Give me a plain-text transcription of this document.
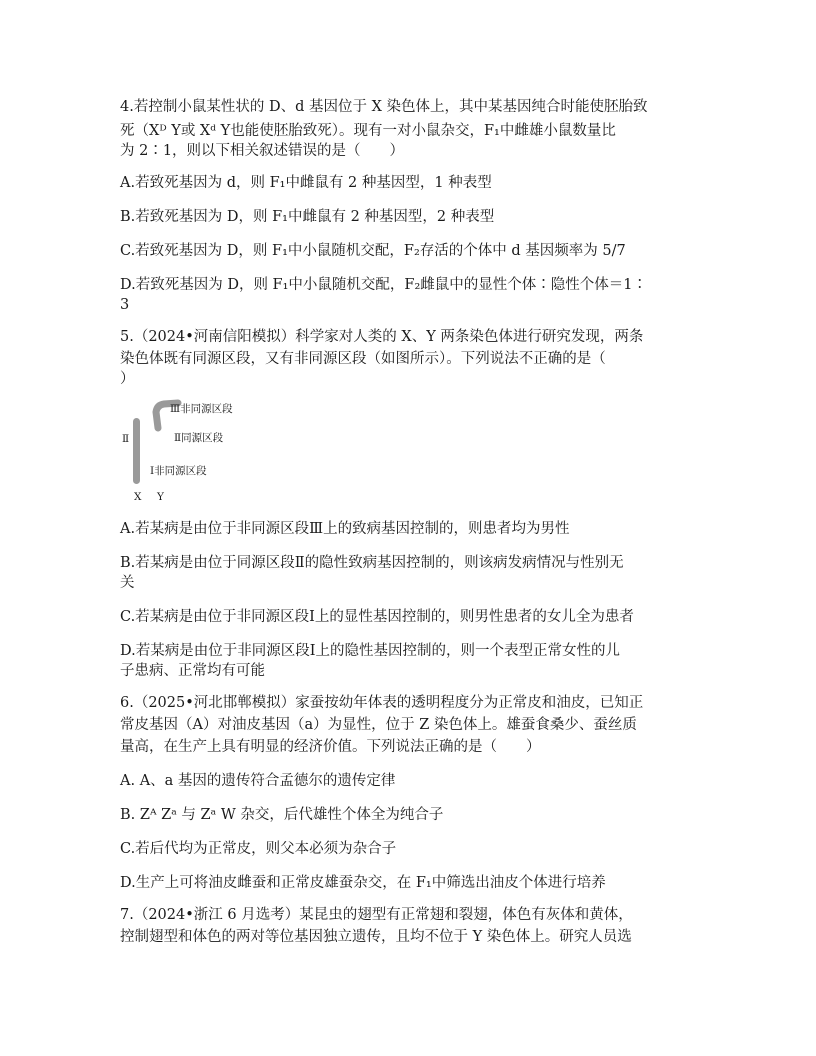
4.若控制小鼠某性状的 D、d 基因位于 X 染色体上，其中某基因纯合时能使胚胎致
死（Xᴰ Y或 Xᵈ Y也能使胚胎致死）。现有一对小鼠杂交，F₁中雌雄小鼠数量比
为 2∶1，则以下相关叙述错误的是（　　）
A.若致死基因为 d，则 F₁中雌鼠有 2 种基因型，1 种表型
B.若致死基因为 D，则 F₁中雌鼠有 2 种基因型，2 种表型
C.若致死基因为 D，则 F₁中小鼠随机交配，F₂存活的个体中 d 基因频率为 5/7
D.若致死基因为 D，则 F₁中小鼠随机交配，F₂雌鼠中的显性个体∶隐性个体＝1∶
3
5.（2024•河南信阳模拟）科学家对人类的 X、Y 两条染色体进行研究发现，两条
染色体既有同源区段，又有非同源区段（如图所示）。下列说法不正确的是（
）
Ⅲ非同源区段
Ⅱ	Ⅱ同源区段
Ⅰ非同源区段
X Y
A.若某病是由位于非同源区段Ⅲ上的致病基因控制的，则患者均为男性
B.若某病是由位于同源区段Ⅱ的隐性致病基因控制的，则该病发病情况与性别无
关
C.若某病是由位于非同源区段Ⅰ上的显性基因控制的，则男性患者的女儿全为患者
D.若某病是由位于非同源区段Ⅰ上的隐性基因控制的，则一个表型正常女性的儿
子患病、正常均有可能
6.（2025•河北邯郸模拟）家蚕按幼年体表的透明程度分为正常皮和油皮，已知正
常皮基因（A）对油皮基因（a）为显性，位于 Z 染色体上。雄蚕食桑少、蚕丝质
量高，在生产上具有明显的经济价值。下列说法正确的是（　　）
A. A、a 基因的遗传符合孟德尔的遗传定律
B. Zᴬ Zᵃ 与 Zᵃ W 杂交，后代雄性个体全为纯合子
C.若后代均为正常皮，则父本必须为杂合子
D.生产上可将油皮雌蚕和正常皮雄蚕杂交，在 F₁中筛选出油皮个体进行培养
7.（2024•浙江 6 月选考）某昆虫的翅型有正常翅和裂翅，体色有灰体和黄体，
控制翅型和体色的两对等位基因独立遗传，且均不位于 Y 染色体上。研究人员选
